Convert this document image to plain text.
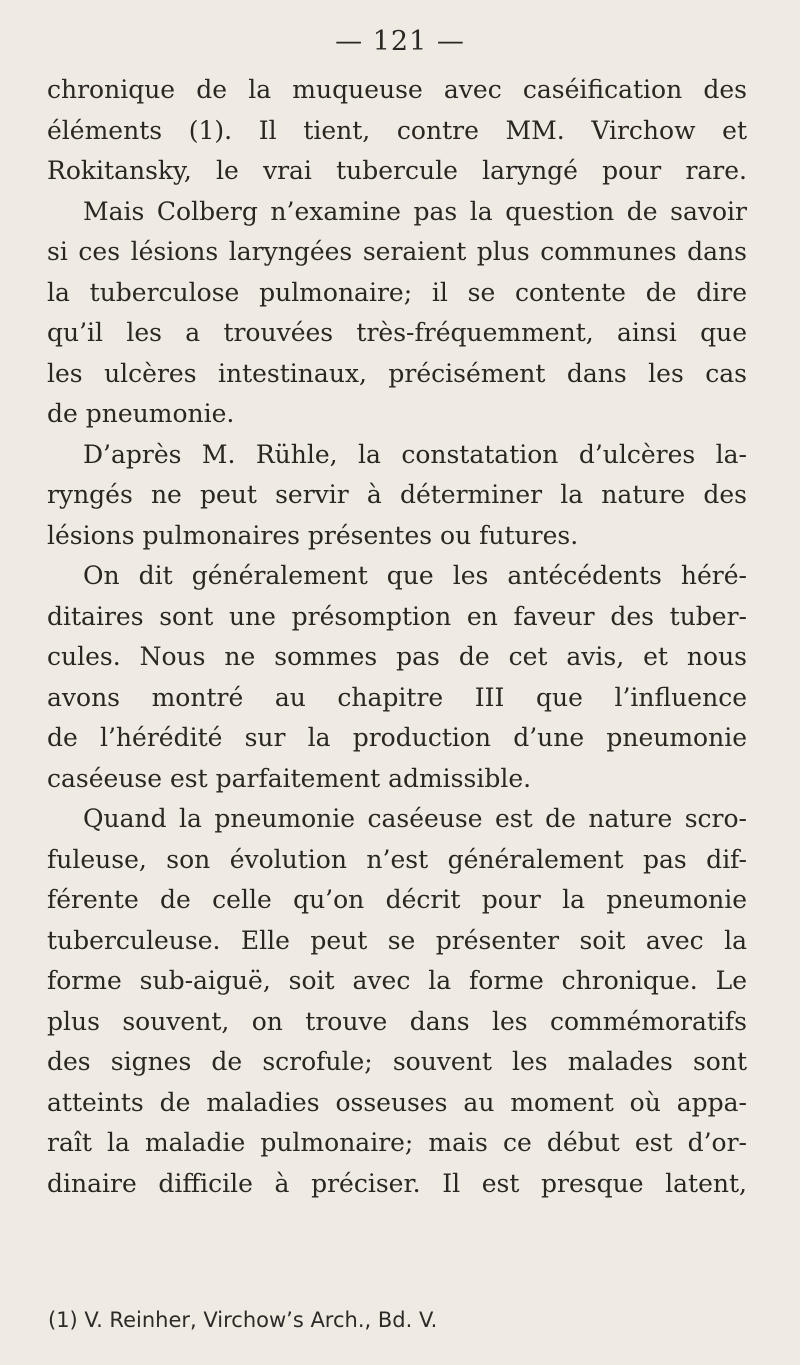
— 121 —
chronique de la muqueuse avec caséification des
éléments (1). Il tient, contre MM. Virchow et
Rokitansky, le vrai tubercule laryngé pour rare.
Mais Colberg n’examine pas la question de savoir
si ces lésions laryngées seraient plus communes dans
la tuberculose pulmonaire; il se contente de dire
qu’il les a trouvées très-fréquemment, ainsi que
les ulcères intestinaux, précisément dans les cas
de pneumonie.
D’après M. Rühle, la constatation d’ulcères la-
ryngés ne peut servir à déterminer la nature des
lésions pulmonaires présentes ou futures.
On dit généralement que les antécédents héré-
ditaires sont une présomption en faveur des tuber-
cules. Nous ne sommes pas de cet avis, et nous
avons montré au chapitre III que l’influence
de l’hérédité sur la production d’une pneumonie
caséeuse est parfaitement admissible.
Quand la pneumonie caséeuse est de nature scro-
fuleuse, son évolution n’est généralement pas dif-
férente de celle qu’on décrit pour la pneumonie
tuberculeuse. Elle peut se présenter soit avec la
forme sub-aiguë, soit avec la forme chronique. Le
plus souvent, on trouve dans les commémoratifs
des signes de scrofule; souvent les malades sont
atteints de maladies osseuses au moment où appa-
raît la maladie pulmonaire; mais ce début est d’or-
dinaire difficile à préciser. Il est presque latent,
(1) V. Reinher, Virchow’s Arch., Bd. V.
